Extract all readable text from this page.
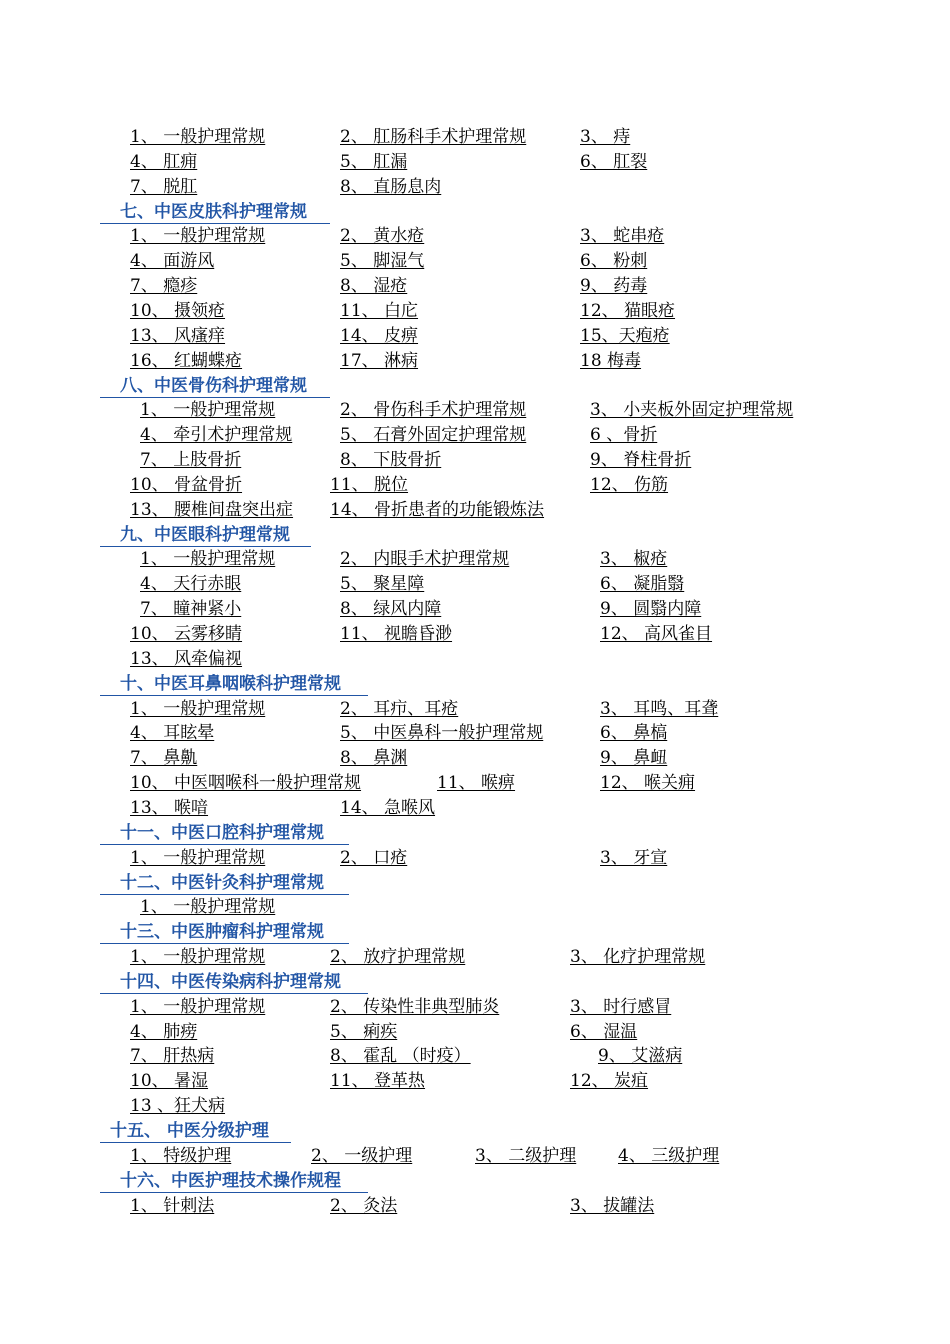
1、 一般护理常规	2、 肛肠科手术护理常规	3、 痔
4、 肛痈	5、 肛漏	6、 肛裂
7、 脱肛	8、 直肠息肉
七、中医皮肤科护理常规
1、 一般护理常规	2、 黄水疮	3、 蛇串疮
4、 面游风	5、 脚湿气	6、 粉刺
7、 瘾疹	8、 湿疮	9、 药毒
10、 摄领疮	11、 白庀	12、 猫眼疮
13、 风瘙痒	14、 皮痹	15、天疱疮
16、 红蝴蝶疮	17、 淋病	18 梅毒
八、中医骨伤科护理常规
1、 一般护理常规	2、 骨伤科手术护理常规	3、 小夹板外固定护理常规
4、 牵引术护理常规	5、 石膏外固定护理常规	6 、骨折
7、 上肢骨折	8、 下肢骨折	9、 脊柱骨折
10、 骨盆骨折	11、 脱位	12、 伤筋
13、 腰椎间盘突出症 14、 骨折患者的功能锻炼法
九、中医眼科护理常规
1、 一般护理常规	2、 内眼手术护理常规	3、 椒疮
4、 天行赤眼	5、 聚星障	6、 凝脂翳
7、 瞳神紧小	8、 绿风内障	9、 圆翳内障
10、 云雾移睛	11、 视瞻昏渺	12、 高风雀目
13、 风牵偏视
十、中医耳鼻咽喉科护理常规
1、 一般护理常规	2、 耳疖、耳疮	3、 耳鸣、耳聋
4、 耳眩晕	5、 中医鼻科一般护理常规	6、 鼻槁
7、 鼻鼽	8、 鼻渊	9、 鼻衄
10、 中医咽喉科一般护理常规	11、 喉痹	12、 喉关痈
13、 喉喑	14、 急喉风
十一、中医口腔科护理常规
1、 一般护理常规	2、 口疮	3、 牙宣
十二、中医针灸科护理常规
1、 一般护理常规
十三、中医肿瘤科护理常规
1、 一般护理常规	2、 放疗护理常规	3、 化疗护理常规
十四、中医传染病科护理常规
1、 一般护理常规	2、 传染性非典型肺炎	3、 时行感冒
4、 肺痨	5、 痢疾	6、 湿温
7、 肝热病	8、 霍乱 （时疫）	9、 艾滋病
10、 暑湿	11、 登革热	12、 炭疽
13 、狂犬病
十五、 中医分级护理
1、 特级护理	2、 一级护理	3、 二级护理 4、 三级护理
十六、中医护理技术操作规程
1、 针刺法	2、 灸法	3、 拔罐法
